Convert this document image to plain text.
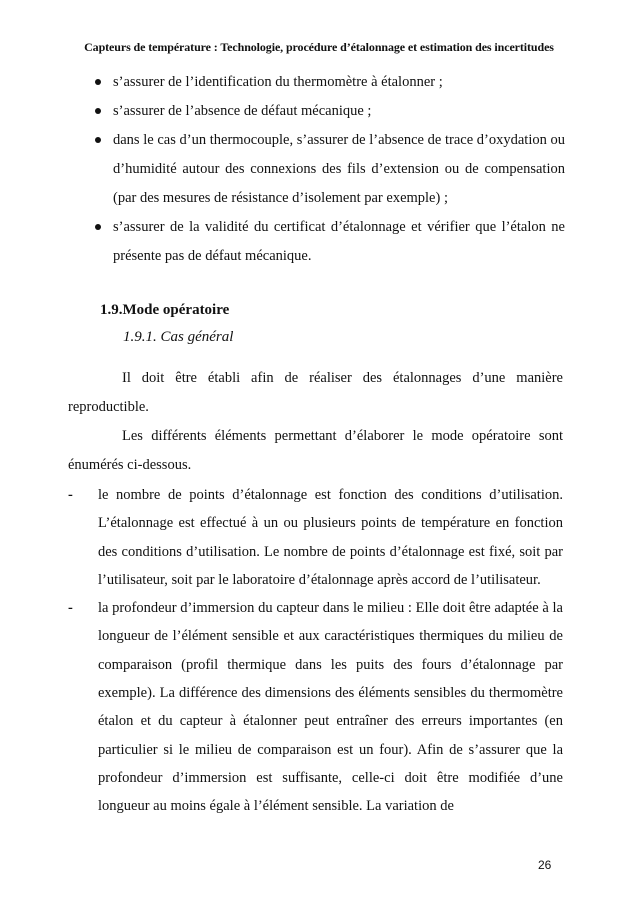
Capteurs de température : Technologie, procédure d’étalonnage et estimation des incertitudes
s’assurer de l’identification du thermomètre à étalonner ;
s’assurer de l’absence de défaut mécanique ;
dans le cas d’un thermocouple, s’assurer de l’absence de trace d’oxydation ou d’humidité autour des connexions des fils d’extension ou de compensation (par des mesures de résistance d’isolement par exemple) ;
s’assurer de la validité du certificat d’étalonnage et vérifier que l’étalon ne présente pas de défaut mécanique.
1.9.Mode opératoire
1.9.1. Cas général

Il doit être établi afin de réaliser des étalonnages d’une manière reproductible.

Les différents éléments permettant d’élaborer le mode opératoire sont énumérés ci-dessous.

- le nombre de points d’étalonnage est fonction des conditions d’utilisation. L’étalonnage est effectué à un ou plusieurs points de température en fonction des conditions d’utilisation. Le nombre de points d’étalonnage est fixé, soit par l’utilisateur, soit par le laboratoire d’étalonnage après accord de l’utilisateur.
- la profondeur d’immersion du capteur dans le milieu : Elle doit être adaptée à la longueur de l’élément sensible et aux caractéristiques thermiques du milieu de comparaison (profil thermique dans les puits des fours d’étalonnage par exemple). La différence des dimensions des éléments sensibles du thermomètre étalon et du capteur à étalonner peut entraîner des erreurs importantes (en particulier si le milieu de comparaison est un four). Afin de s’assurer que la profondeur d’immersion est suffisante, celle-ci doit être modifiée d’une longueur au moins égale à l’élément sensible. La variation de
26
